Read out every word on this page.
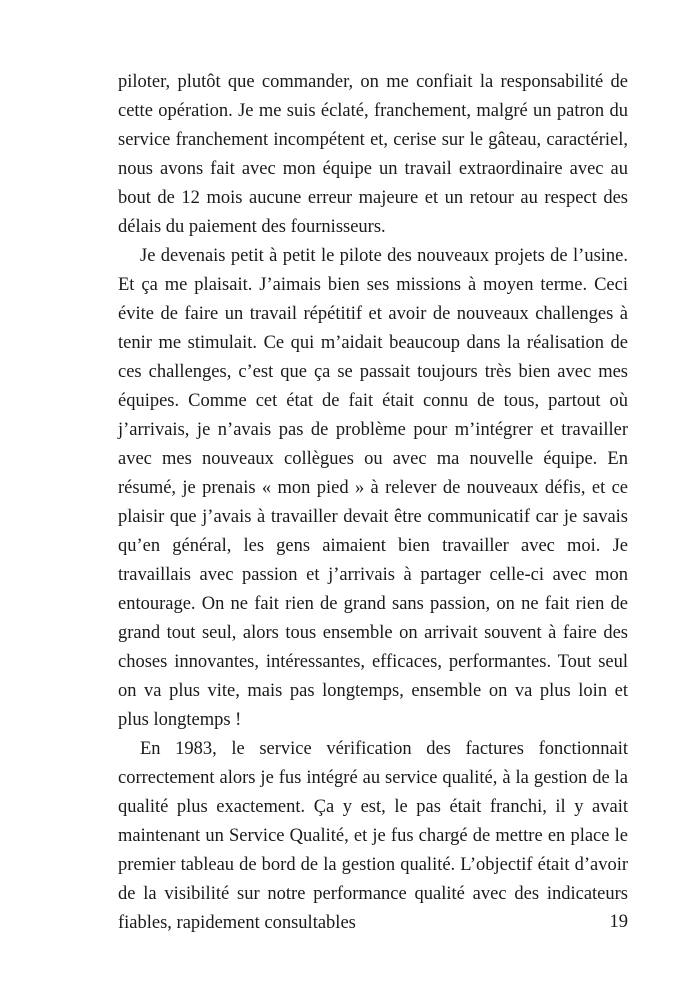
piloter, plutôt que commander, on me confiait la responsabilité de cette opération. Je me suis éclaté, franchement, malgré un patron du service franchement incompétent et, cerise sur le gâteau, caractériel, nous avons fait avec mon équipe un travail extraordinaire avec au bout de 12 mois aucune erreur majeure et un retour au respect des délais du paiement des fournisseurs.

Je devenais petit à petit le pilote des nouveaux projets de l’usine. Et ça me plaisait. J’aimais bien ses missions à moyen terme. Ceci évite de faire un travail répétitif et avoir de nouveaux challenges à tenir me stimulait. Ce qui m’aidait beaucoup dans la réalisation de ces challenges, c’est que ça se passait toujours très bien avec mes équipes. Comme cet état de fait était connu de tous, partout où j’arrivais, je n’avais pas de problème pour m’intégrer et travailler avec mes nouveaux collègues ou avec ma nouvelle équipe. En résumé, je prenais « mon pied » à relever de nouveaux défis, et ce plaisir que j’avais à travailler devait être communicatif car je savais qu’en général, les gens aimaient bien travailler avec moi. Je travaillais avec passion et j’arrivais à partager celle-ci avec mon entourage. On ne fait rien de grand sans passion, on ne fait rien de grand tout seul, alors tous ensemble on arrivait souvent à faire des choses innovantes, intéressantes, efficaces, performantes. Tout seul on va plus vite, mais pas longtemps, ensemble on va plus loin et plus longtemps !

En 1983, le service vérification des factures fonctionnait correctement alors je fus intégré au service qualité, à la gestion de la qualité plus exactement. Ça y est, le pas était franchi, il y avait maintenant un Service Qualité, et je fus chargé de mettre en place le premier tableau de bord de la gestion qualité. L’objectif était d’avoir de la visibilité sur notre performance qualité avec des indicateurs fiables, rapidement consultables	19
